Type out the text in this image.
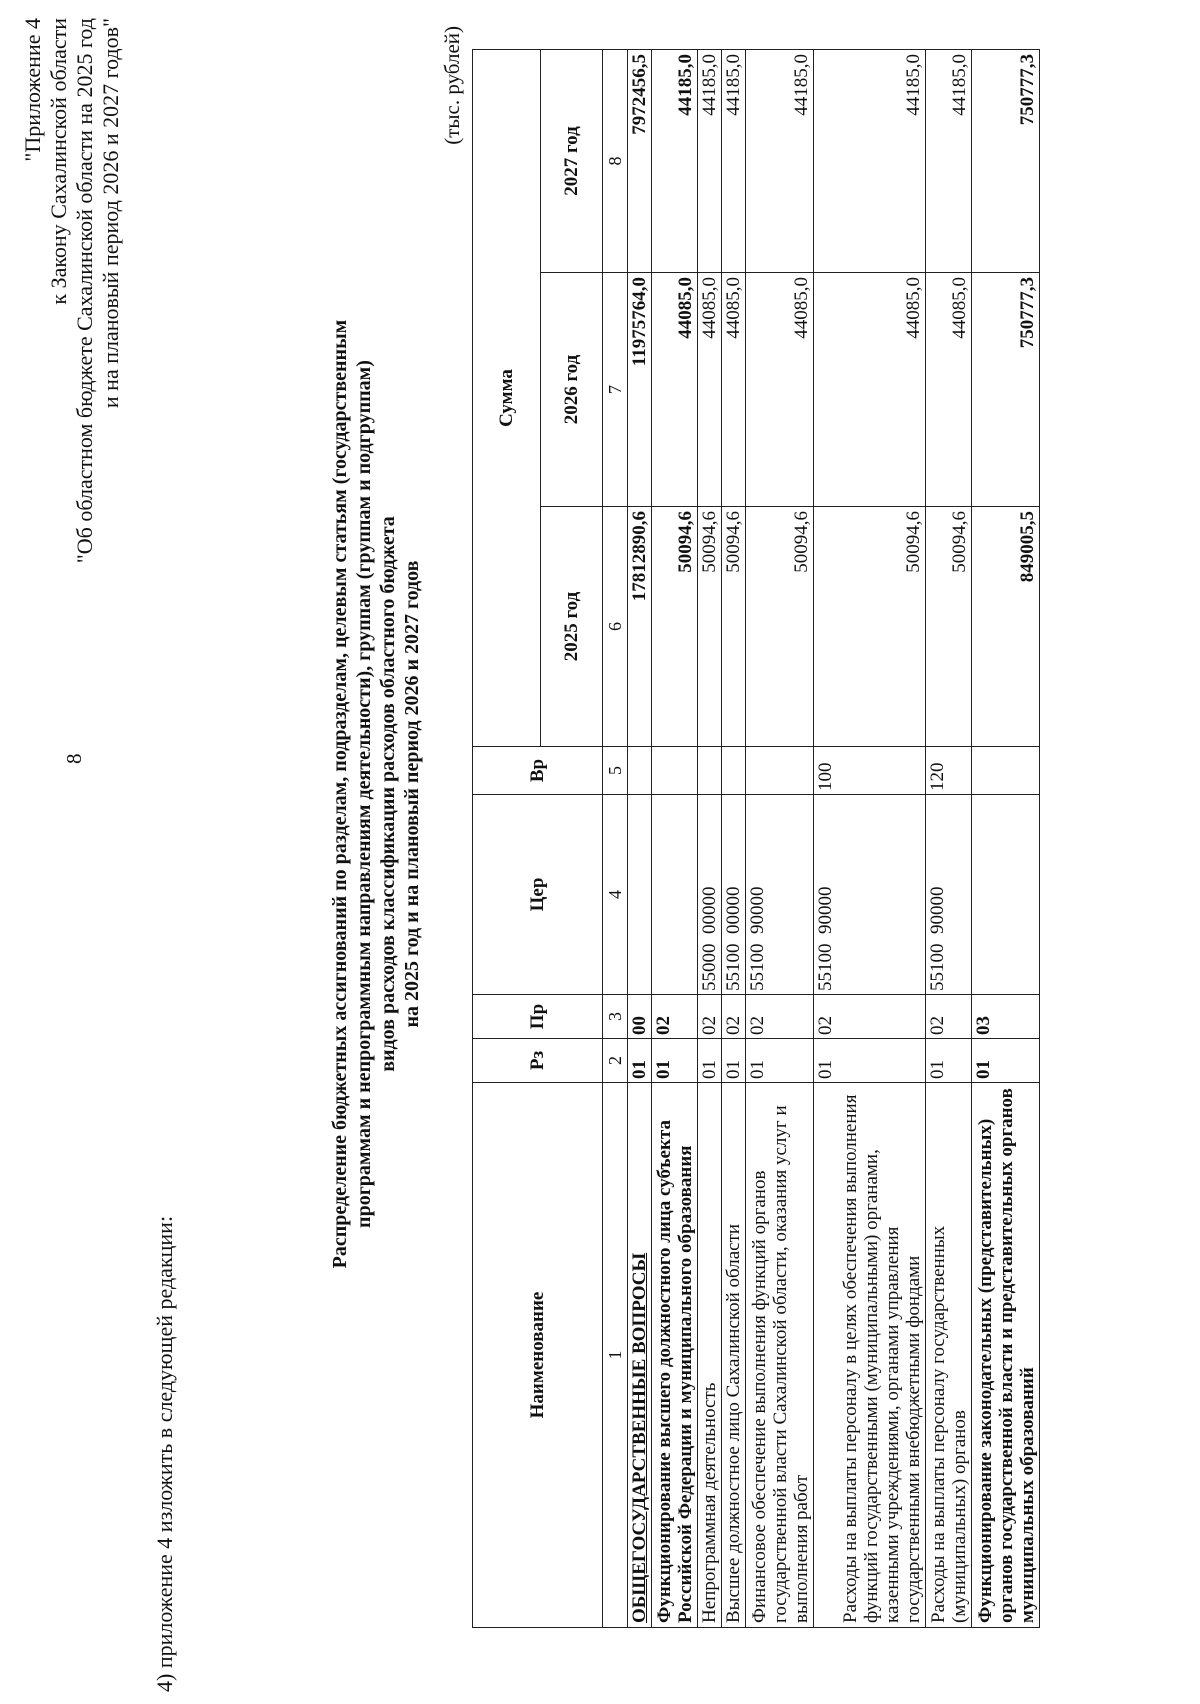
8
4) приложение 4 изложить в следующей редакции:
"Приложение 4 к Закону Сахалинской области "Об областном бюджете Сахалинской области на 2025 год и на плановый период 2026 и 2027 годов"
Распределение бюджетных ассигнований по разделам, подразделам, целевым статьям (государственным программам и непрограммным направлениям деятельности), группам (группам и подгруппам) видов расходов классификации расходов областного бюджета на 2025 год и на плановый период 2026 и 2027 годов
(тыс. рублей)
Наименование	Рз	Пр	Цер	Вр	Сумма		
					2025 год	2026 год	2027 год
1	2	3	4	5	6	7	8
ОБЩЕГОСУДАРСТВЕННЫЕ ВОПРОСЫ	01	00			17812890,6	11975764,0	7972456,5
Функционирование высшего должностного лица субъекта Российской Федерации и муниципального образования	01	02			50094,6	44085,0	44185,0
Непрограммная деятельность	01	02	55000  00000		50094,6	44085,0	44185,0
Высшее должностное лицо Сахалинской области	01	02	55100  00000		50094,6	44085,0	44185,0
Финансовое обеспечение выполнения функций органов государственной власти Сахалинской области, оказания услуг и выполнения работ	01	02	55100  90000		50094,6	44085,0	44185,0
Расходы на выплаты персоналу в целях обеспечения выполнения функций государственными (муниципальными) органами, казенными учреждениями, органами управления государственными внебюджетными фондами	01	02	55100  90000	100	50094,6	44085,0	44185,0
Расходы на выплаты персоналу государственных (муниципальных) органов	01	02	55100  90000	120	50094,6	44085,0	44185,0
Функционирование законодательных (представительных) органов государственной власти и представительных органов муниципальных образований	01	03			849005,5	750777,3	750777,3
